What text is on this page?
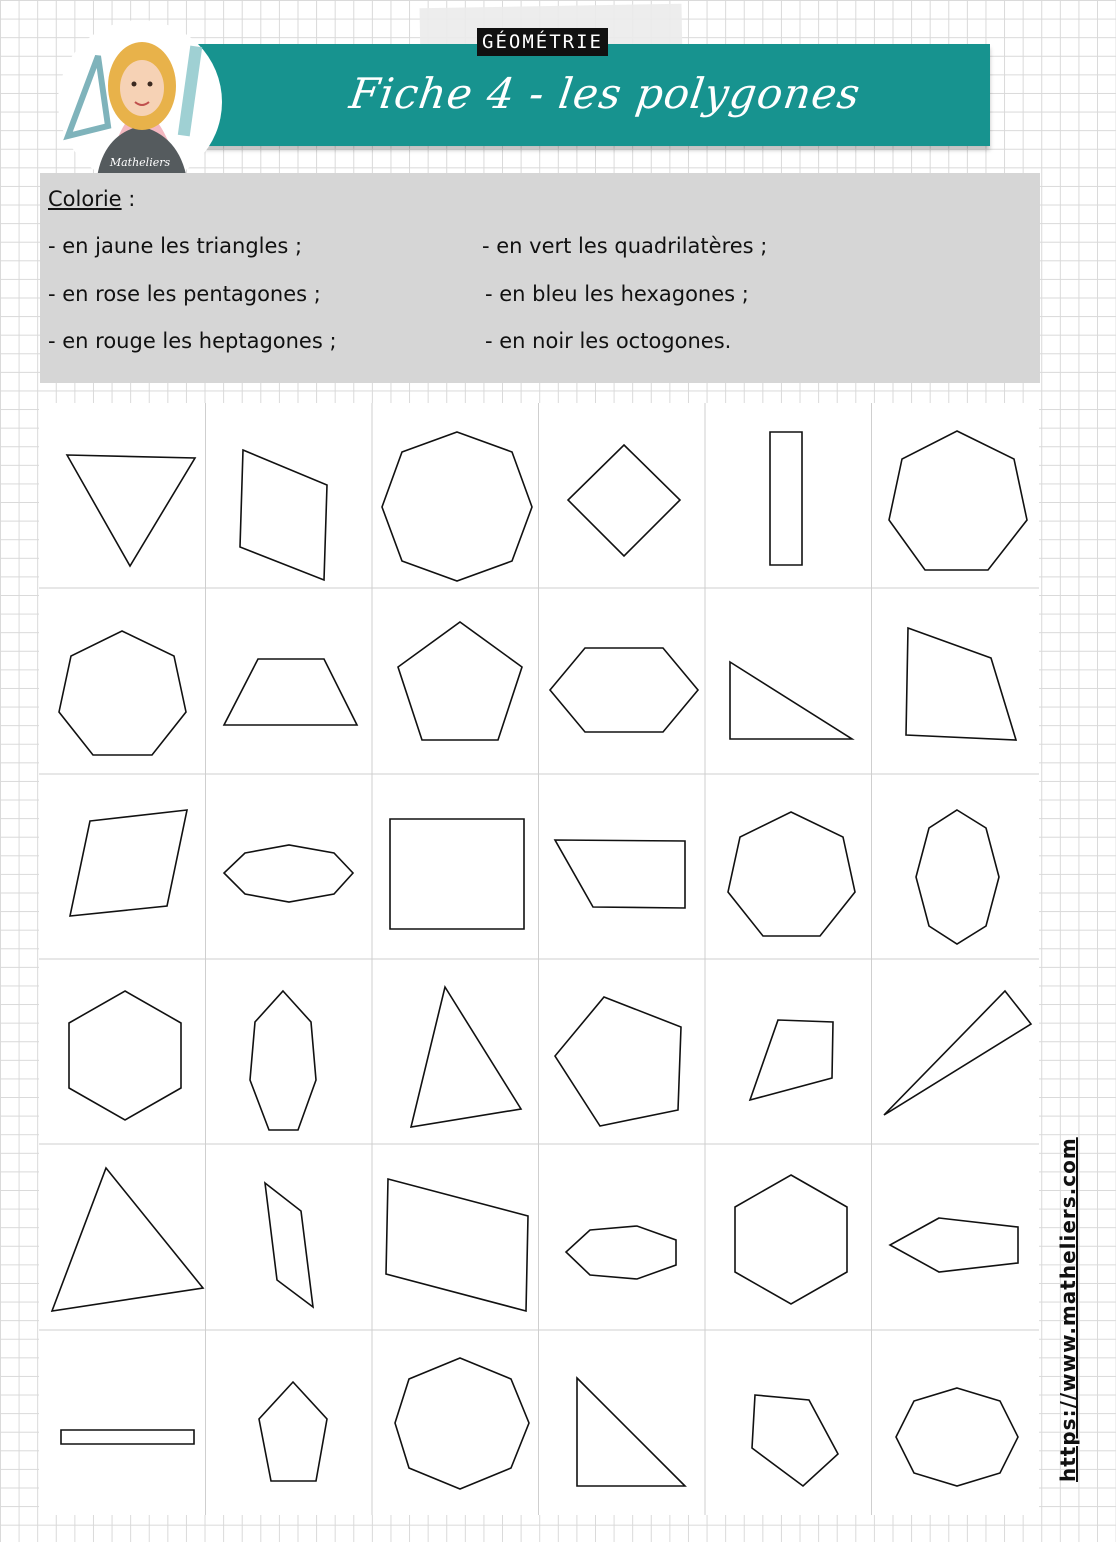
GÉOMÉTRIE
Fiche 4 - les polygones
Matheliers
Colorie :
- en jaune les triangles ;	- en vert les quadrilatères ;
- en rose les pentagones ;	- en bleu les hexagones ;
- en rouge les heptagones ;	- en noir les octogones.
https://www.matheliers.com
